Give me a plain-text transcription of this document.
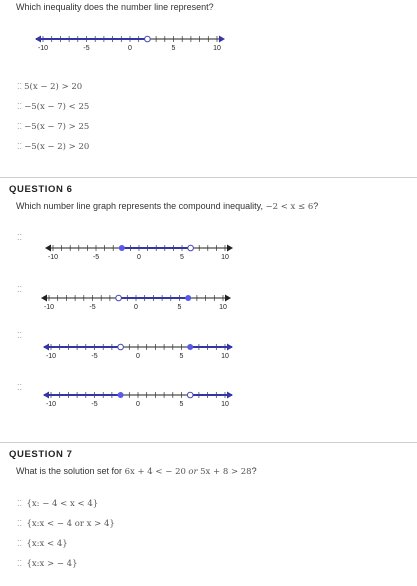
Which inequality does the number line represent?
-10	-5	0	5	10
⁚⁚ 5(x − 2) > 20
⁚⁚ −5(x − 7) < 25
⁚⁚ −5(x − 7) > 25
⁚⁚ −5(x − 2) > 20
QUESTION 6
Which number line graph represents the compound inequality, −2 < x ≤ 6?
⁚⁚
-10	-5	0	5	10
⁚⁚
-10	-5	0	5	10
⁚⁚
-10	-5	0	5	10
⁚⁚
-10	-5	0	5	10
QUESTION 7
What is the solution set for 6x + 4 < − 20 or 5x + 8 > 28?
⁚⁚ {x: − 4 < x < 4}
⁚⁚ {x:x < − 4 or x > 4}
⁚⁚ {x:x < 4}
⁚⁚ {x:x > − 4}
